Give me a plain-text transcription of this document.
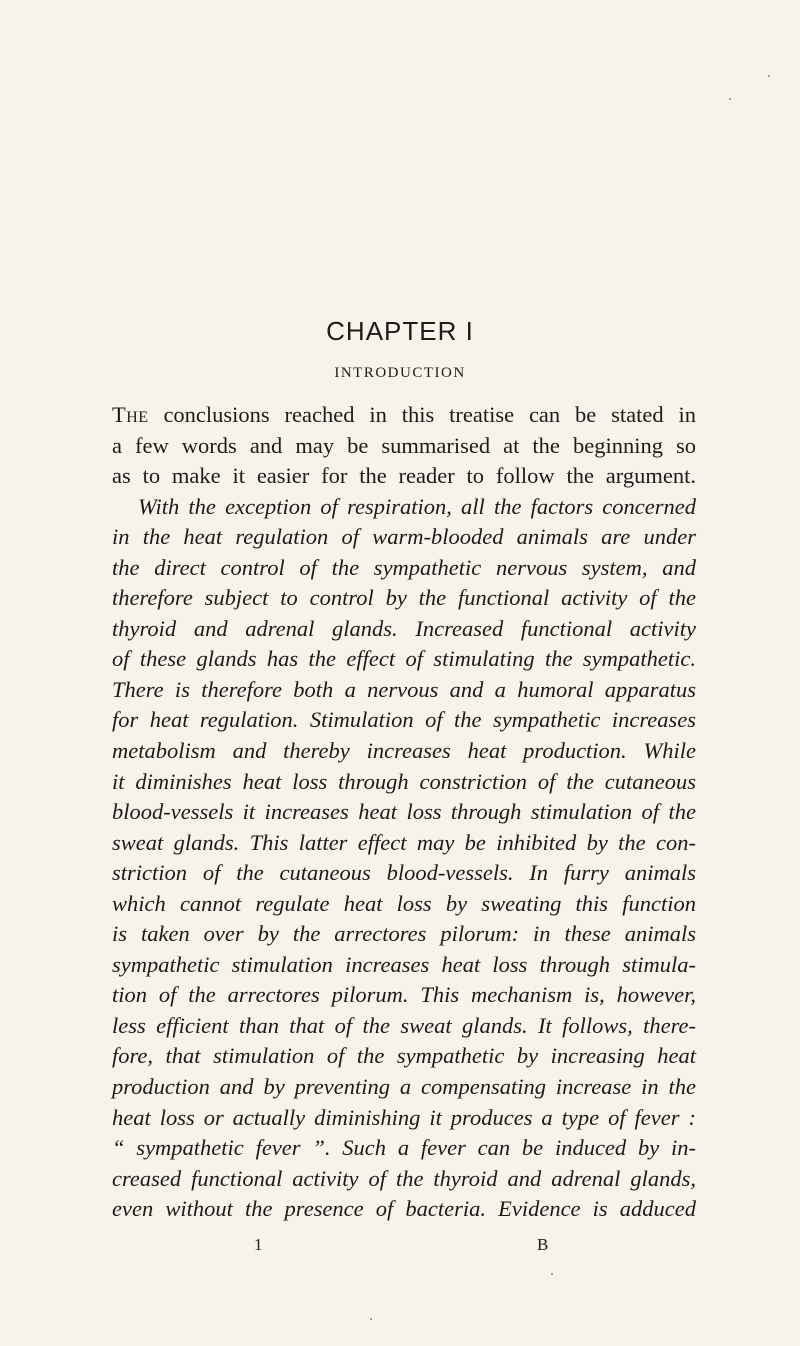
CHAPTER I
INTRODUCTION
The conclusions reached in this treatise can be stated in
a few words and may be summarised at the beginning so
as to make it easier for the reader to follow the argument.
With the exception of respiration, all the factors concerned
in the heat regulation of warm-blooded animals are under
the direct control of the sympathetic nervous system, and
therefore subject to control by the functional activity of the
thyroid and adrenal glands. Increased functional activity
of these glands has the effect of stimulating the sympathetic.
There is therefore both a nervous and a humoral apparatus
for heat regulation. Stimulation of the sympathetic increases
metabolism and thereby increases heat production. While
it diminishes heat loss through constriction of the cutaneous
blood-vessels it increases heat loss through stimulation of the
sweat glands. This latter effect may be inhibited by the con-
striction of the cutaneous blood-vessels. In furry animals
which cannot regulate heat loss by sweating this function
is taken over by the arrectores pilorum: in these animals
sympathetic stimulation increases heat loss through stimula-
tion of the arrectores pilorum. This mechanism is, however,
less efficient than that of the sweat glands. It follows, there-
fore, that stimulation of the sympathetic by increasing heat
production and by preventing a compensating increase in the
heat loss or actually diminishing it produces a type of fever :
“ sympathetic fever ”. Such a fever can be induced by in-
creased functional activity of the thyroid and adrenal glands,
even without the presence of bacteria. Evidence is adduced
1	B
